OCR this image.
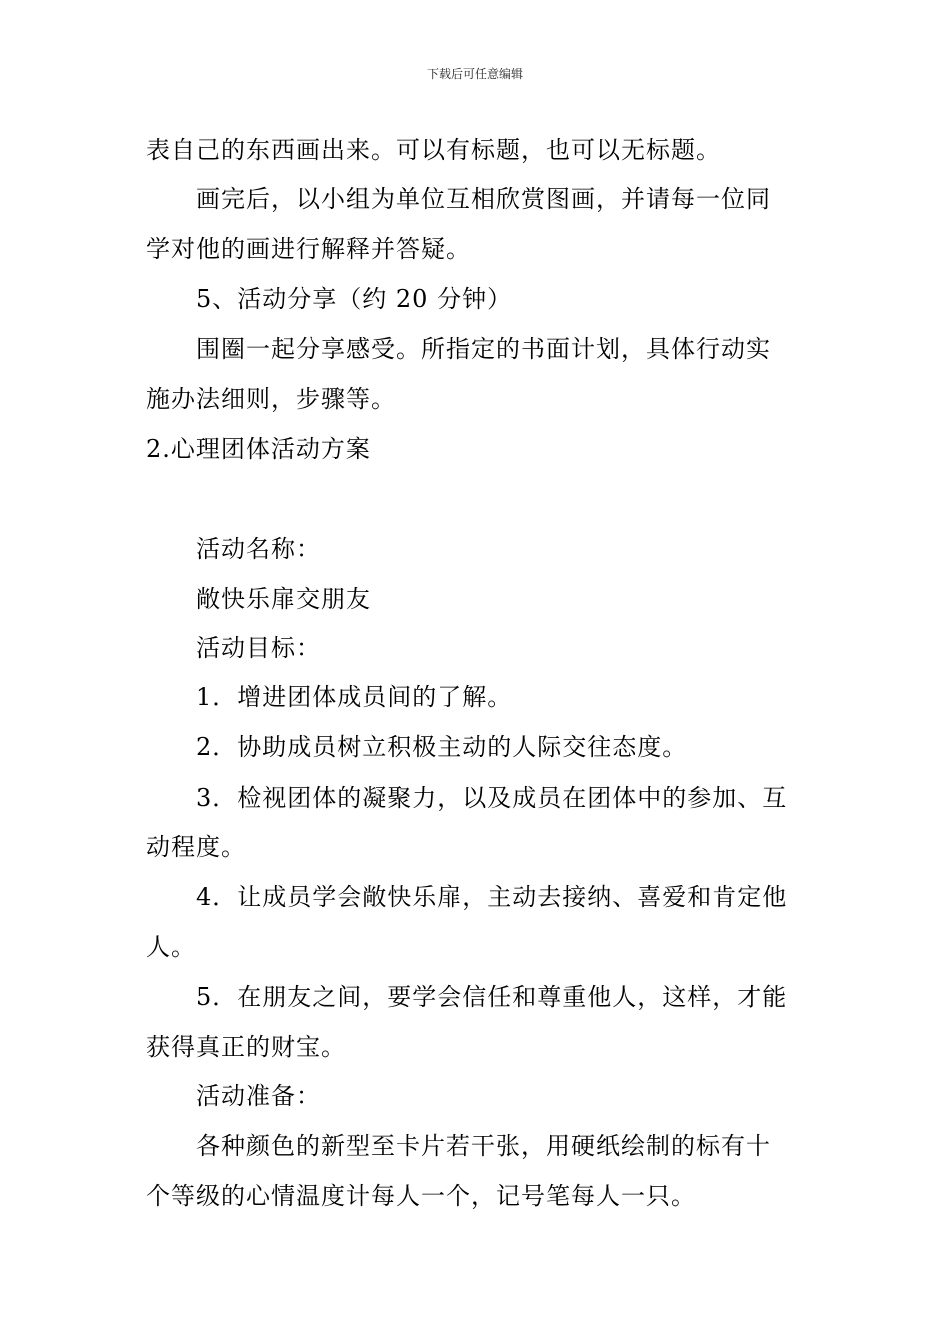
下载后可任意编辑
表自己的东西画出来。可以有标题，也可以无标题。
画完后，以小组为单位互相欣赏图画，并请每一位同
学对他的画进行解释并答疑。
5、活动分享（约 20 分钟）
围圈一起分享感受。所指定的书面计划，具体行动实
施办法细则，步骤等。
2.心理团体活动方案
活动名称：
敞快乐扉交朋友
活动目标：
1．增进团体成员间的了解。
2．协助成员树立积极主动的人际交往态度。
3．检视团体的凝聚力，以及成员在团体中的参加、互
动程度。
4．让成员学会敞快乐扉，主动去接纳、喜爱和肯定他
人。
5．在朋友之间，要学会信任和尊重他人，这样，才能
获得真正的财宝。
活动准备：
各种颜色的新型至卡片若干张，用硬纸绘制的标有十
个等级的心情温度计每人一个，记号笔每人一只。
